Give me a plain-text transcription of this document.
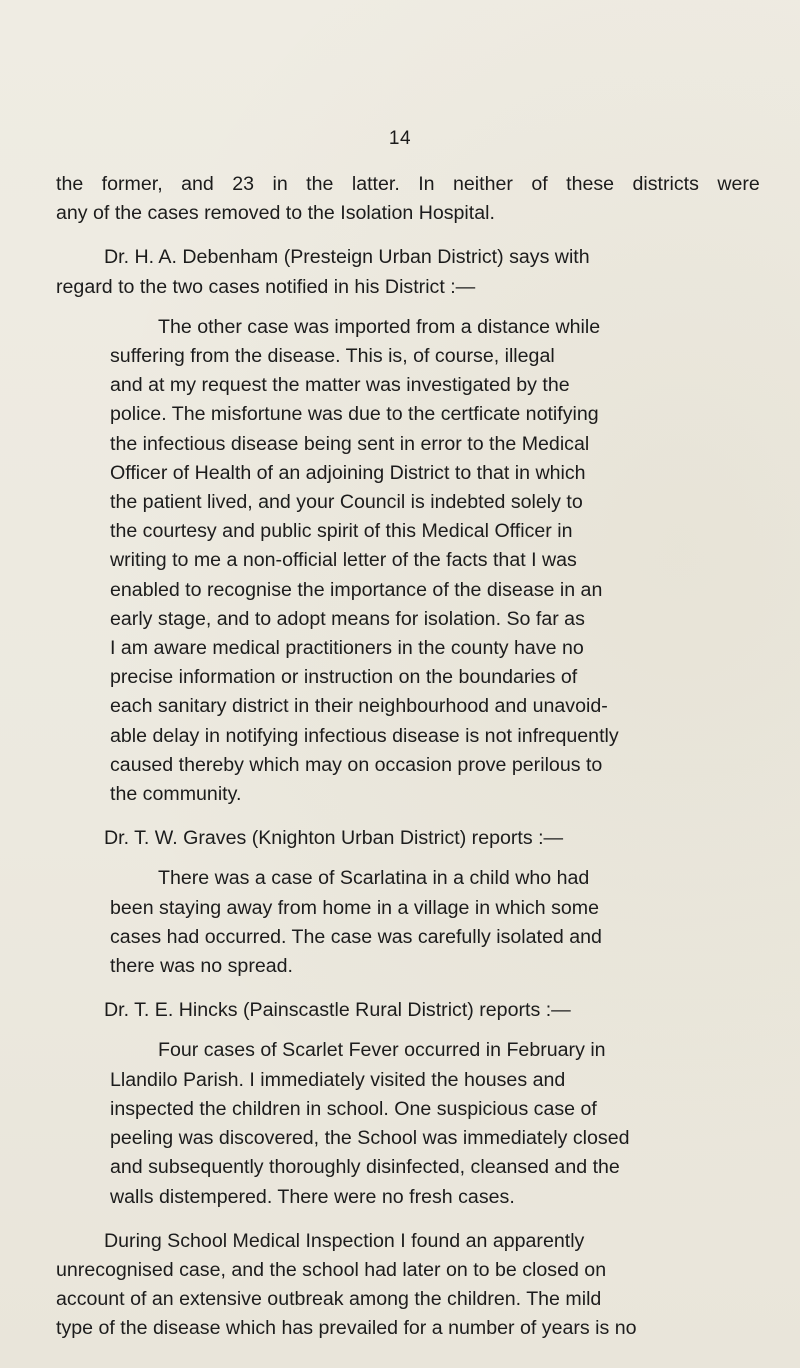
14

the former, and 23 in the latter. In neither of these districts were
any of the cases removed to the Isolation Hospital.

Dr. H. A. Debenham (Presteign Urban District) says with
regard to the two cases notified in his District :—

The other case was imported from a distance while
suffering from the disease. This is, of course, illegal
and at my request the matter was investigated by the
police. The misfortune was due to the certficate notifying
the infectious disease being sent in error to the Medical
Officer of Health of an adjoining District to that in which
the patient lived, and your Council is indebted solely to
the courtesy and public spirit of this Medical Officer in
writing to me a non-official letter of the facts that I was
enabled to recognise the importance of the disease in an
early stage, and to adopt means for isolation. So far as
I am aware medical practitioners in the county have no
precise information or instruction on the boundaries of
each sanitary district in their neighbourhood and unavoid-
able delay in notifying infectious disease is not infrequently
caused thereby which may on occasion prove perilous to
the community.

Dr. T. W. Graves (Knighton Urban District) reports :—

There was a case of Scarlatina in a child who had
been staying away from home in a village in which some
cases had occurred. The case was carefully isolated and
there was no spread.

Dr. T. E. Hincks (Painscastle Rural District) reports :—

Four cases of Scarlet Fever occurred in February in
Llandilo Parish. I immediately visited the houses and
inspected the children in school. One suspicious case of
peeling was discovered, the School was immediately closed
and subsequently thoroughly disinfected, cleansed and the
walls distempered. There were no fresh cases.

During School Medical Inspection I found an apparently
unrecognised case, and the school had later on to be closed on
account of an extensive outbreak among the children. The mild
type of the disease which has prevailed for a number of years is no
